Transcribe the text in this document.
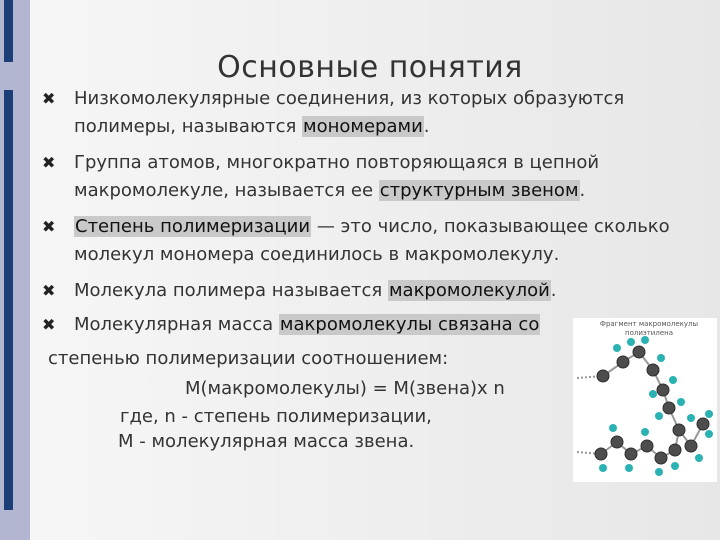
Основные понятия
✖ Низкомолекулярные соединения, из которых образуются
полимеры, называются мономерами.
✖ Группа атомов, многократно повторяющаяся в цепной
макромолекуле, называется ее структурным звеном.
✖ Степень полимеризации — это число, показывающее сколько
молекул мономера соединилось в макромолекулу.
✖ Молекула полимера называется макромолекулой.
✖ Молекулярная масса макромолекулы связана со
степенью полимеризации соотношением:
М(макромолекулы) = М(звена)х n
где, n - степень полимеризации,
М - молекулярная масса звена.
Фрагмент макромолекулы полиэтилена
